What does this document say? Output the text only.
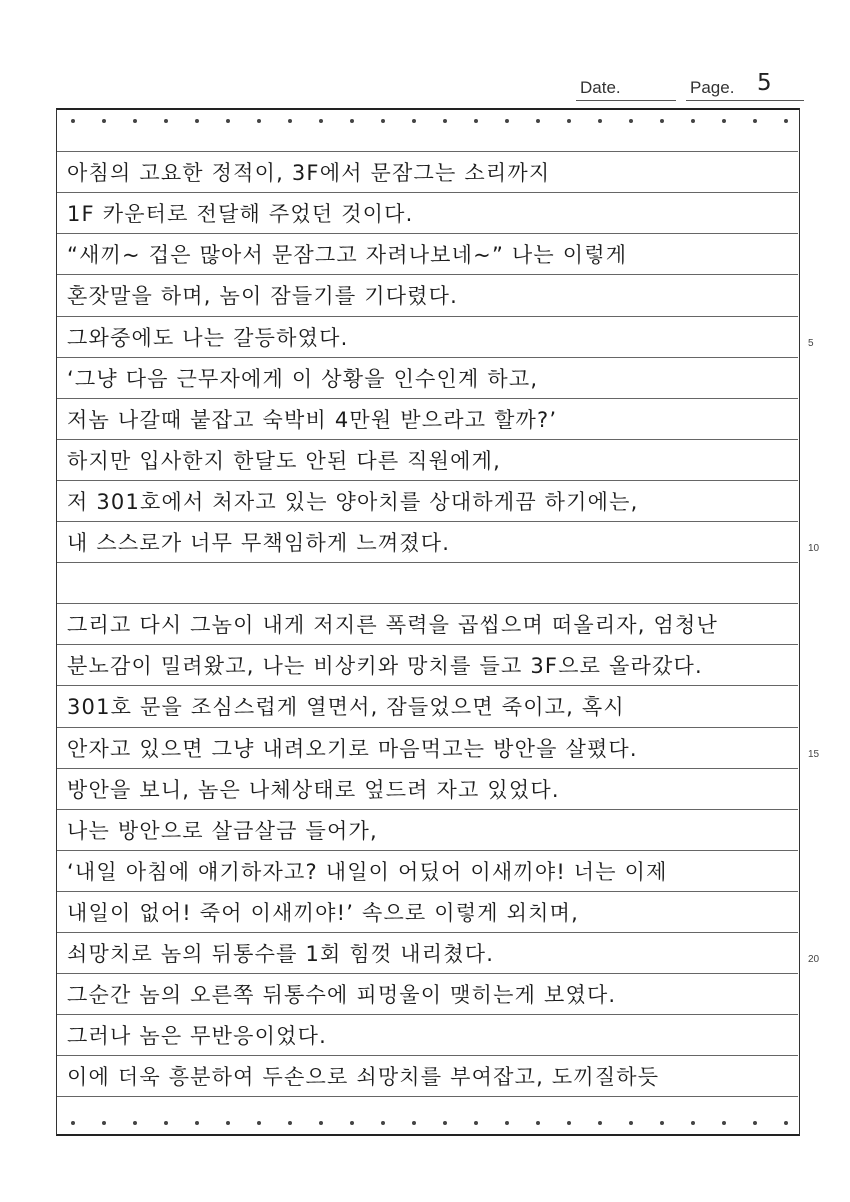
Date.	Page. 5
아침의 고요한 정적이, 3F에서 문잠그는 소리까지
1F 카운터로 전달해 주었던 것이다.
“새끼~ 겁은 많아서 문잠그고 자려나보네~” 나는 이렇게
혼잣말을 하며, 놈이 잠들기를 기다렸다.
그와중에도 나는 갈등하였다.
‘그냥 다음 근무자에게 이 상황을 인수인계 하고,
저놈 나갈때 붙잡고 숙박비 4만원 받으라고 할까?’
하지만 입사한지 한달도 안된 다른 직원에게,
저 301호에서 처자고 있는 양아치를 상대하게끔 하기에는,
내 스스로가 너무 무책임하게 느껴졌다.
그리고 다시 그놈이 내게 저지른 폭력을 곱씹으며 떠올리자, 엄청난
분노감이 밀려왔고, 나는 비상키와 망치를 들고 3F으로 올라갔다.
301호 문을 조심스럽게 열면서, 잠들었으면 죽이고, 혹시
안자고 있으면 그냥 내려오기로 마음먹고는 방안을 살폈다.
방안을 보니, 놈은 나체상태로 엎드려 자고 있었다.
나는 방안으로 살금살금 들어가,
‘내일 아침에 얘기하자고? 내일이 어딨어 이새끼야! 너는 이제
내일이 없어! 죽어 이새끼야!’ 속으로 이렇게 외치며,
쇠망치로 놈의 뒤통수를 1회 힘껏 내리쳤다.
그순간 놈의 오른쪽 뒤통수에 피멍울이 맺히는게 보였다.
그러나 놈은 무반응이었다.
이에 더욱 흥분하여 두손으로 쇠망치를 부여잡고, 도끼질하듯
5
10
15
20
